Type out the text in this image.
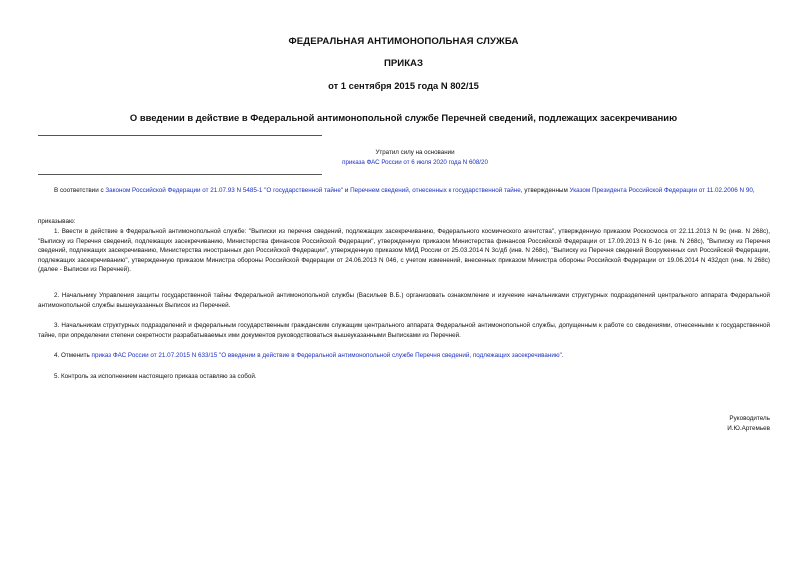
ФЕДЕРАЛЬНАЯ АНТИМОНОПОЛЬНАЯ СЛУЖБА
ПРИКАЗ
от 1 сентября 2015 года N 802/15
О введении в действие в Федеральной антимонопольной службе Перечней сведений, подлежащих засекречиванию
Утратил силу на основании
приказа ФАС России от 6 июля 2020 года N 608/20

В соответствии с Законом Российской Федерации от 21.07.93 N 5485-1 "О государственной тайне" и Перечнем сведений, отнесенных к государственной тайне, утвержденным Указом Президента Российской Федерации от 11.02.2006 N 90,

приказываю:

1. Ввести в действие в Федеральной антимонопольной службе: "Выписки из перечня сведений, подлежащих засекречиванию, Федерального космического агентства", утвержденную приказом Роскосмоса от 22.11.2013 N 9с (инв. N 268с), "Выписку из Перечня сведений, подлежащих засекречиванию, Министерства финансов Российской Федерации", утвержденную приказом Министерства финансов Российской Федерации от 17.09.2013 N 6-1с (инв. N 268с), "Выписку из Перечня сведений, подлежащих засекречиванию, Министерства иностранных дел Российской Федерации", утвержденную приказом МИД России от 25.03.2014 N 3с/дб (инв. N 268с), "Выписку из Перечня сведений Вооруженных сил Российской Федерации, подлежащих засекречиванию", утвержденную приказом Министра обороны Российской Федерации от 24.06.2013 N 046, с учетом изменений, внесенных приказом Министра обороны Российской Федерации от 19.06.2014 N 432дсп (инв. N 268с) (далее - Выписки из Перечней).

2. Начальнику Управления защиты государственной тайны Федеральной антимонопольной службы (Васильев В.Б.) организовать ознакомление и изучение начальниками структурных подразделений центрального аппарата Федеральной антимонопольной службы вышеуказанных Выписок из Перечней.

3. Начальникам структурных подразделений и федеральным государственным гражданским служащим центрального аппарата Федеральной антимонопольной службы, допущенным к работе со сведениями, отнесенными к государственной тайне, при определении степени секретности разрабатываемых ими документов руководствоваться вышеуказанными Выписками из Перечней.

4. Отменить приказ ФАС России от 21.07.2015 N 633/15 "О введении в действие в Федеральной антимонопольной службе Перечня сведений, подлежащих засекречиванию".

5. Контроль за исполнением настоящего приказа оставляю за собой.

Руководитель
И.Ю.Артемьев
